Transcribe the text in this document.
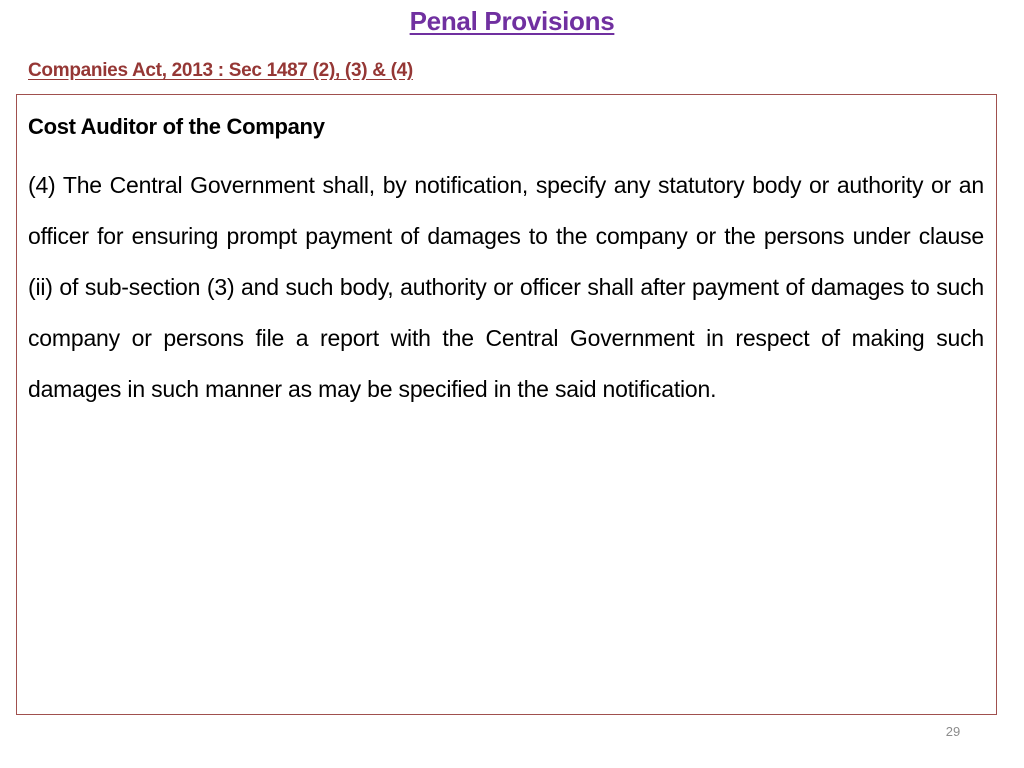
Penal Provisions
Companies Act, 2013 : Sec 1487 (2), (3) & (4)
Cost Auditor of the Company
(4) The Central Government shall, by notification, specify any statutory body or authority or an officer for ensuring prompt payment of damages to the company or the persons under clause (ii) of sub-section (3) and such body, authority or officer shall after payment of damages to such company or persons file a report with the Central Government in respect of making such damages in such manner as may be specified in the said notification.
29
